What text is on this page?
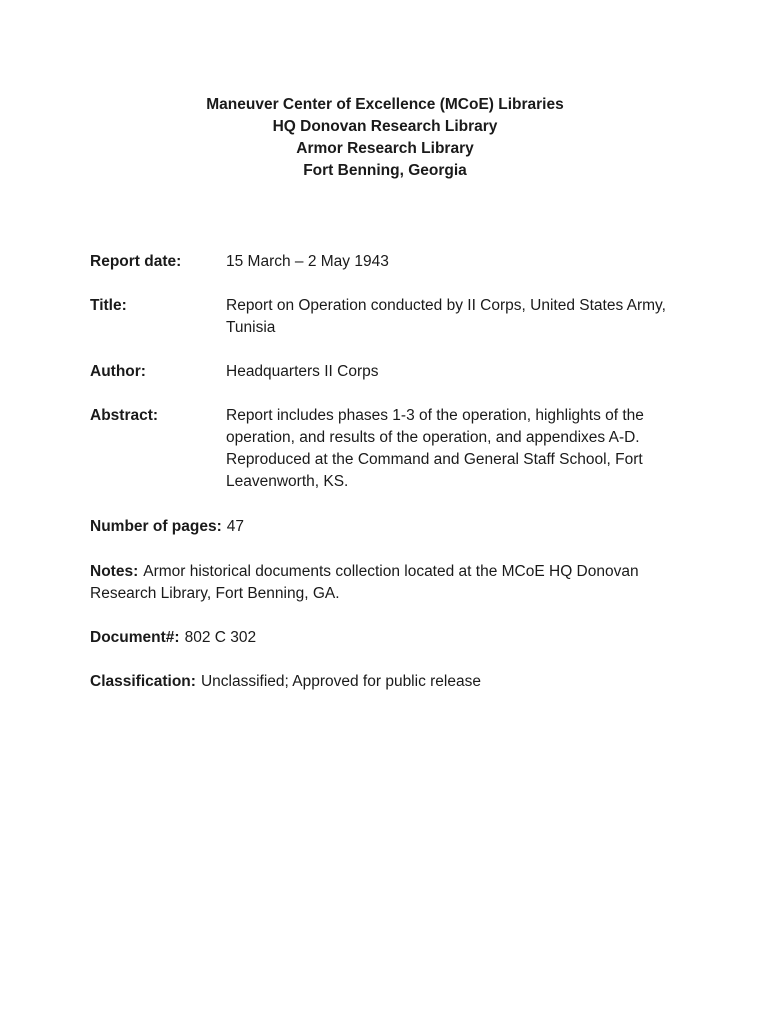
Maneuver Center of Excellence (MCoE) Libraries
HQ Donovan Research Library
Armor Research Library
Fort Benning, Georgia
Report date:	15 March – 2 May 1943
Title:	Report on Operation conducted by II Corps, United States Army, Tunisia
Author:	Headquarters II Corps
Abstract:	Report includes phases 1-3 of the operation, highlights of the operation, and results of the operation, and appendixes A-D. Reproduced at the Command and General Staff School, Fort Leavenworth, KS.
Number of pages: 47
Notes: Armor historical documents collection located at the MCoE HQ Donovan Research Library, Fort Benning, GA.
Document#: 802 C 302
Classification: Unclassified; Approved for public release
